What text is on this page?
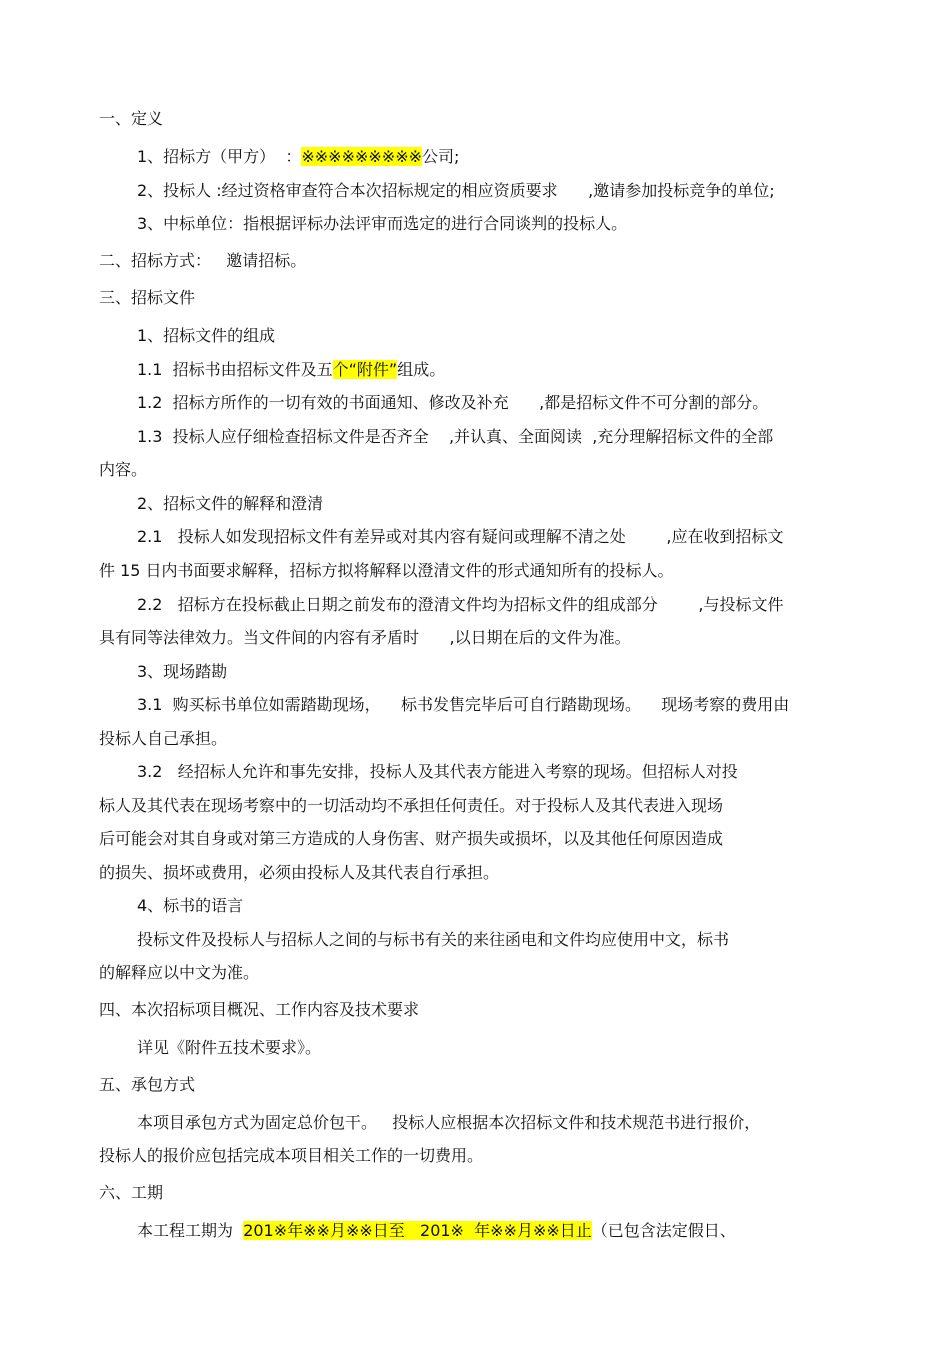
一、定义
1、招标方（甲方）  ：※※※※※※※※※公司;
2、投标人 :经过资格审查符合本次招标规定的相应资质要求      ,邀请参加投标竞争的单位;
3、中标单位：指根据评标办法评审而选定的进行合同谈判的投标人。
二、招标方式：   邀请招标。
三、招标文件
1、招标文件的组成
1.1  招标书由招标文件及五个“附件”组成。
1.2  招标方所作的一切有效的书面通知、修改及补充      ,都是招标文件不可分割的部分。
1.3  投标人应仔细检查招标文件是否齐全    ,并认真、全面阅读  ,充分理解招标文件的全部
内容。
2、招标文件的解释和澄清
2.1   投标人如发现招标文件有差异或对其内容有疑问或理解不清之处        ,应在收到招标文
件 15 日内书面要求解释，招标方拟将解释以澄清文件的形式通知所有的投标人。
2.2   招标方在投标截止日期之前发布的澄清文件均为招标文件的组成部分        ,与投标文件
具有同等法律效力。当文件间的内容有矛盾时      ,以日期在后的文件为准。
3、现场踏勘
3.1  购买标书单位如需踏勘现场，    标书发售完毕后可自行踏勘现场。    现场考察的费用由
投标人自己承担。
3.2   经招标人允许和事先安排，投标人及其代表方能进入考察的现场。但招标人对投
标人及其代表在现场考察中的一切活动均不承担任何责任。对于投标人及其代表进入现场
后可能会对其自身或对第三方造成的人身伤害、财产损失或损坏，以及其他任何原因造成
的损失、损坏或费用，必须由投标人及其代表自行承担。
4、标书的语言
投标文件及投标人与招标人之间的与标书有关的来往函电和文件均应使用中文，标书
的解释应以中文为准。
四、本次招标项目概况、工作内容及技术要求
详见《附件五技术要求》。
五、承包方式
本项目承包方式为固定总价包干。   投标人应根据本次招标文件和技术规范书进行报价，
投标人的报价应包括完成本项目相关工作的一切费用。
六、工期
本工程工期为  201※年※※月※※日至   201※  年※※月※※日止（已包含法定假日、
